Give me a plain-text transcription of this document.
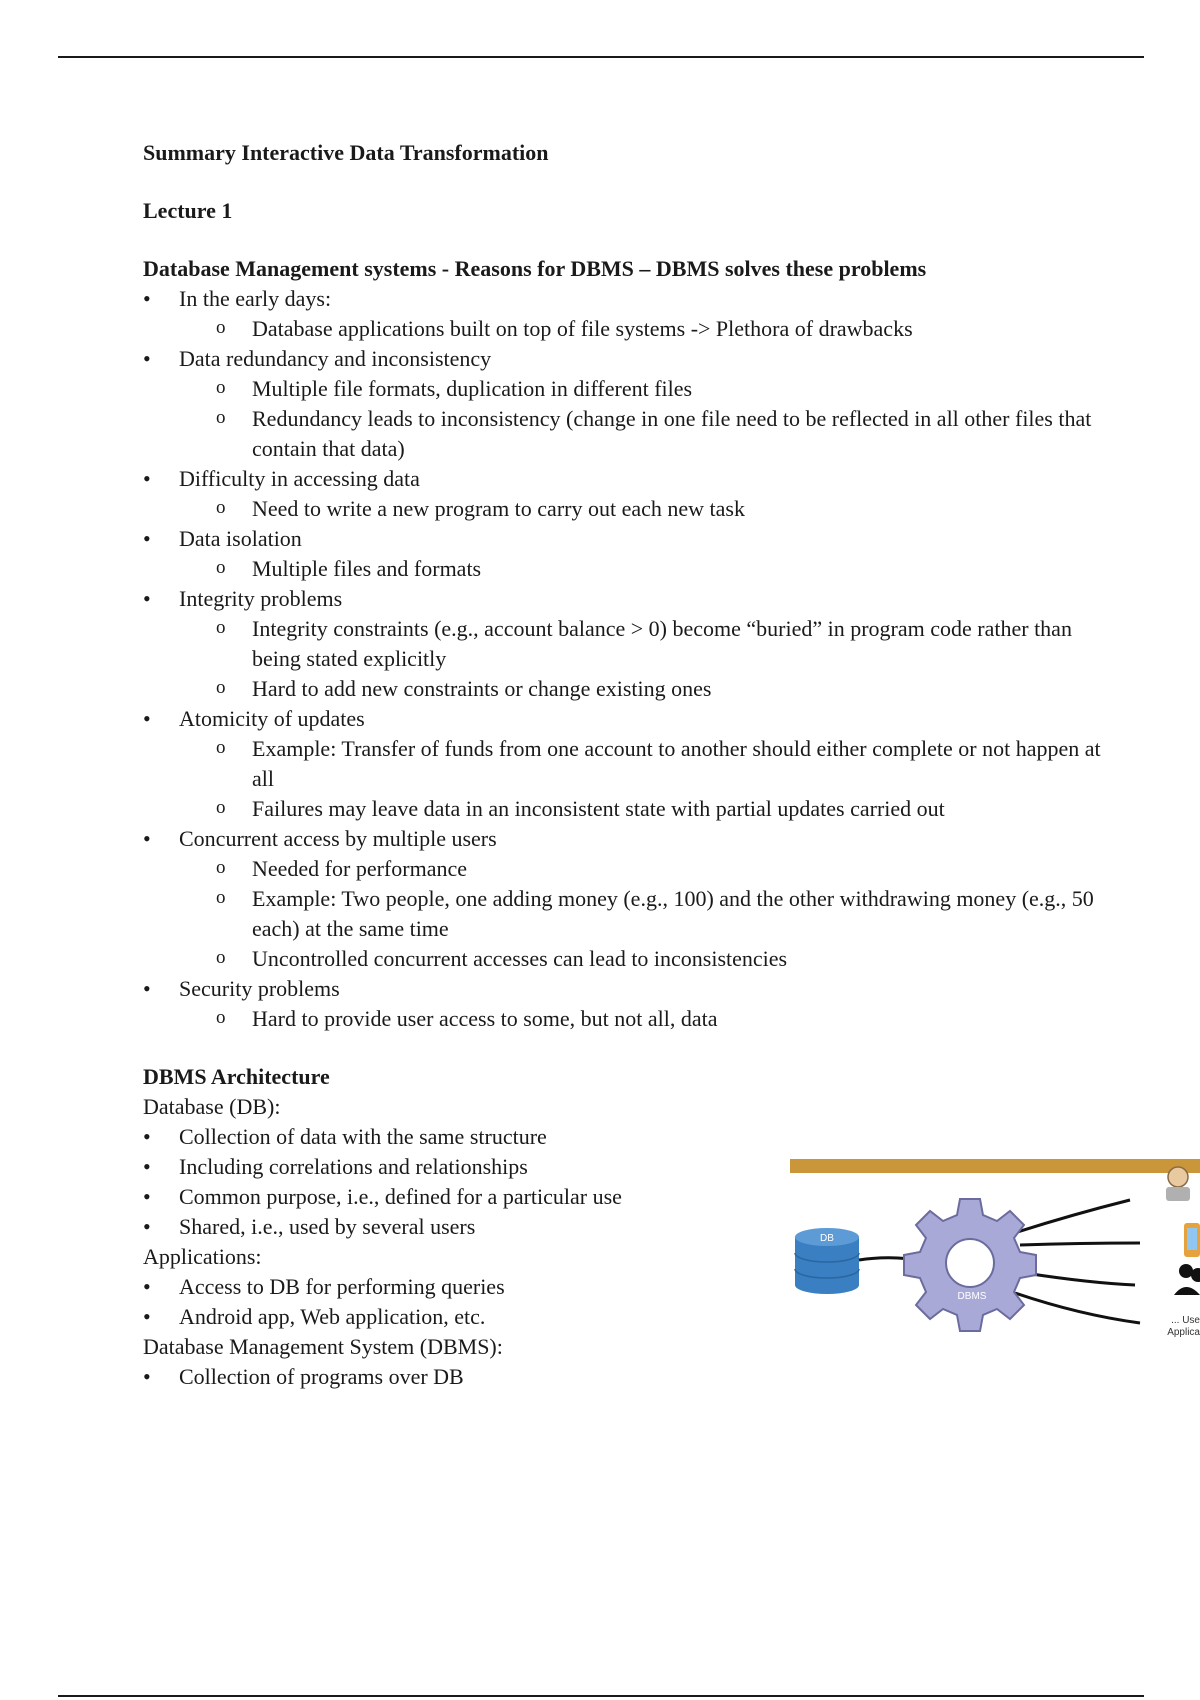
Summary Interactive Data Transformation
Lecture 1
Database Management systems - Reasons for DBMS – DBMS solves these problems
• In the early days:
o Database applications built on top of file systems -> Plethora of drawbacks
• Data redundancy and inconsistency
o Multiple file formats, duplication in different files
o Redundancy leads to inconsistency (change in one file need to be reflected in all other files that contain that data)
• Difficulty in accessing data
o Need to write a new program to carry out each new task
• Data isolation
o Multiple files and formats
• Integrity problems
o Integrity constraints (e.g., account balance > 0) become “buried” in program code rather than being stated explicitly
o Hard to add new constraints or change existing ones
• Atomicity of updates
o Example: Transfer of funds from one account to another should either complete or not happen at all
o Failures may leave data in an inconsistent state with partial updates carried out
• Concurrent access by multiple users
o Needed for performance
o Example: Two people, one adding money (e.g., 100) and the other withdrawing money (e.g., 50 each) at the same time
o Uncontrolled concurrent accesses can lead to inconsistencies
• Security problems
o Hard to provide user access to some, but not all, data
DBMS Architecture
Database (DB):
• Collection of data with the same structure
• Including correlations and relationships
• Common purpose, i.e., defined for a particular use
• Shared, i.e., used by several users
Applications:
• Access to DB for performing queries
• Android app, Web application, etc.
Database Management System (DBMS):
• Collection of programs over DB
DB
DBMS
... Use
Applica
